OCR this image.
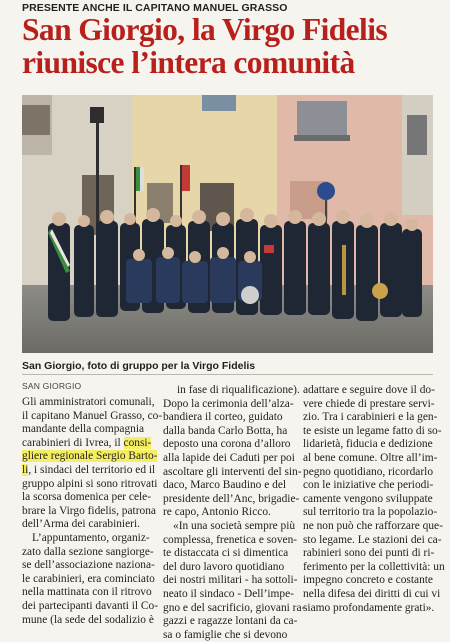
PRESENTE ANCHE IL CAPITANO MANUEL GRASSO
San Giorgio, la Virgo Fidelis
riunisce l’intera comunità
San Giorgio, foto di gruppo per la Virgo Fidelis
SAN GIORGIO
Gli amministratori comunali,
il capitano Manuel Grasso, co-
mandante della compagnia
carabinieri di Ivrea, il consi-
gliere regionale Sergio Barto-
li, i sindaci del territorio ed il
gruppo alpini si sono ritrovati
la scorsa domenica per cele-
brare la Virgo fidelis, patrona
dell’Arma dei carabinieri.
L’appuntamento, organiz-
zato dalla sezione sangiorge-
se dell’associazione naziona-
le carabinieri, era cominciato
nella mattinata con il ritrovo
dei partecipanti davanti il Co-
mune (la sede del sodalizio è
in fase di riqualificazione).
Dopo la cerimonia dell’alza-
bandiera il corteo, guidato
dalla banda Carlo Botta, ha
deposto una corona d’alloro
alla lapide dei Caduti per poi
ascoltare gli interventi del sin-
daco, Marco Baudino e del
presidente dell’Anc, brigadie-
re capo, Antonio Ricco.
«In una società sempre più
complessa, frenetica e soven-
te distaccata ci si dimentica
del duro lavoro quotidiano
dei nostri militari - ha sottoli-
neato il sindaco - Dell’impe-
gno e del sacrificio, giovani ra-
gazzi e ragazze lontani da ca-
sa o famiglie che si devono
adattare e seguire dove il do-
vere chiede di prestare servi-
zio. Tra i carabinieri e la gen-
te esiste un legame fatto di so-
lidarietà, fiducia e dedizione
al bene comune. Oltre all’im-
pegno quotidiano, ricordarlo
con le iniziative che periodi-
camente vengono sviluppate
sul territorio tra la popolazio-
ne non può che rafforzare que-
sto legame. Le stazioni dei ca-
rabinieri sono dei punti di ri-
ferimento per la collettività: un
impegno concreto e costante
nella difesa dei diritti di cui vi
siamo profondamente grati».
